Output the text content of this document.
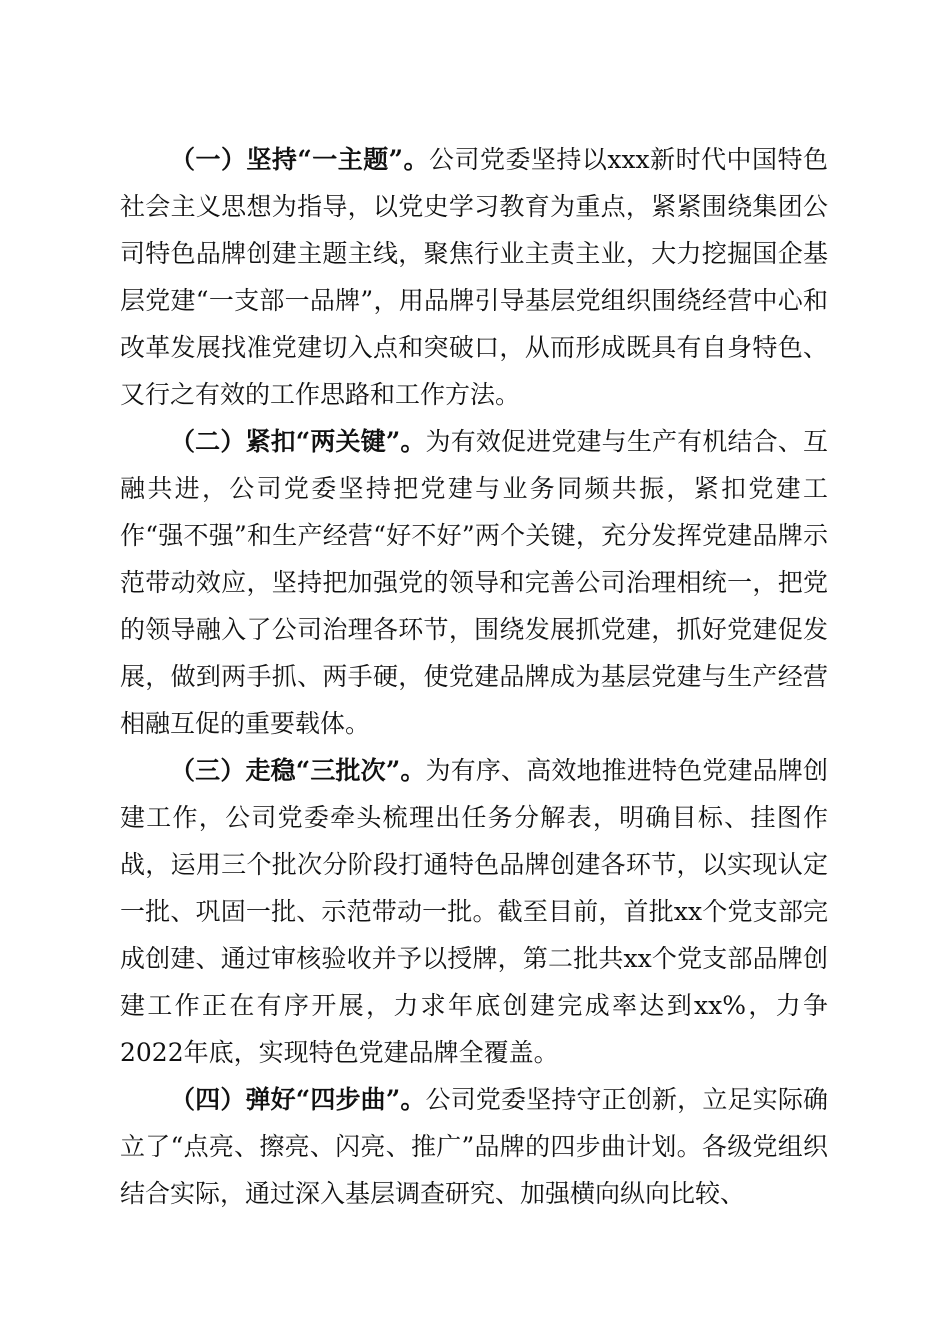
（一）坚持“一主题”。公司党委坚持以xxx新时代中国特色社会主义思想为指导，以党史学习教育为重点，紧紧围绕集团公司特色品牌创建主题主线，聚焦行业主责主业，大力挖掘国企基层党建“一支部一品牌”，用品牌引导基层党组织围绕经营中心和改革发展找准党建切入点和突破口，从而形成既具有自身特色、又行之有效的工作思路和工作方法。

（二）紧扣“两关键”。为有效促进党建与生产有机结合、互融共进，公司党委坚持把党建与业务同频共振，紧扣党建工作“强不强”和生产经营“好不好”两个关键，充分发挥党建品牌示范带动效应，坚持把加强党的领导和完善公司治理相统一，把党的领导融入了公司治理各环节，围绕发展抓党建，抓好党建促发展，做到两手抓、两手硬，使党建品牌成为基层党建与生产经营相融互促的重要载体。

（三）走稳“三批次”。为有序、高效地推进特色党建品牌创建工作，公司党委牵头梳理出任务分解表，明确目标、挂图作战，运用三个批次分阶段打通特色品牌创建各环节，以实现认定一批、巩固一批、示范带动一批。截至目前，首批xx个党支部完成创建、通过审核验收并予以授牌，第二批共xx个党支部品牌创建工作正在有序开展，力求年底创建完成率达到xx%，力争2022年底，实现特色党建品牌全覆盖。

（四）弹好“四步曲”。公司党委坚持守正创新，立足实际确立了“点亮、擦亮、闪亮、推广”品牌的四步曲计划。各级党组织结合实际，通过深入基层调查研究、加强横向纵向比较、
